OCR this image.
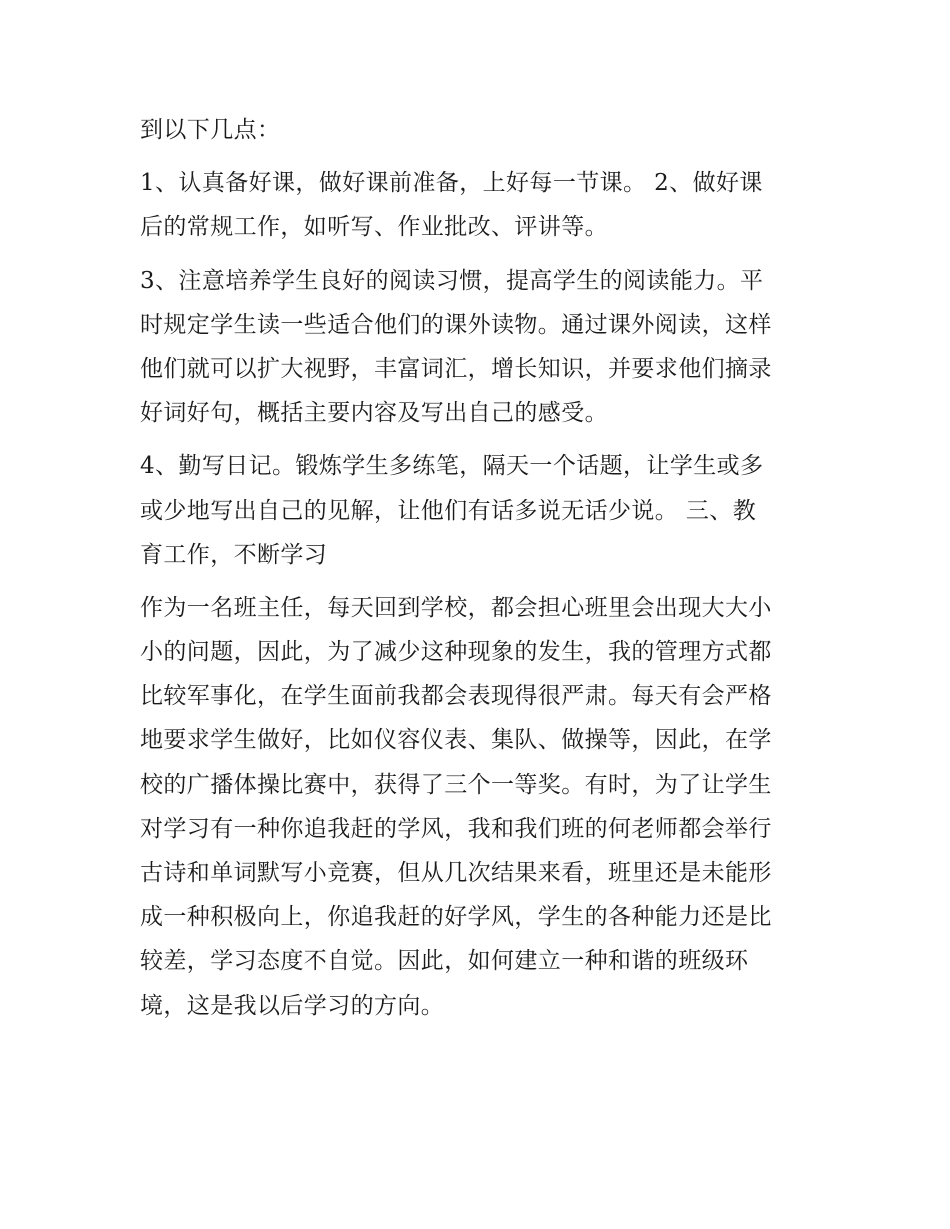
到以下几点：
1、认真备好课，做好课前准备，上好每一节课。 2、做好课
后的常规工作，如听写、作业批改、评讲等。
3、注意培养学生良好的阅读习惯，提高学生的阅读能力。平
时规定学生读一些适合他们的课外读物。通过课外阅读，这样
他们就可以扩大视野，丰富词汇，增长知识，并要求他们摘录
好词好句，概括主要内容及写出自己的感受。
4、勤写日记。锻炼学生多练笔，隔天一个话题，让学生或多
或少地写出自己的见解，让他们有话多说无话少说。 三、教
育工作，不断学习
作为一名班主任，每天回到学校，都会担心班里会出现大大小
小的问题，因此，为了减少这种现象的发生，我的管理方式都
比较军事化，在学生面前我都会表现得很严肃。每天有会严格
地要求学生做好，比如仪容仪表、集队、做操等，因此，在学
校的广播体操比赛中，获得了三个一等奖。有时，为了让学生
对学习有一种你追我赶的学风，我和我们班的何老师都会举行
古诗和单词默写小竞赛，但从几次结果来看，班里还是未能形
成一种积极向上，你追我赶的好学风，学生的各种能力还是比
较差，学习态度不自觉。因此，如何建立一种和谐的班级环
境，这是我以后学习的方向。
